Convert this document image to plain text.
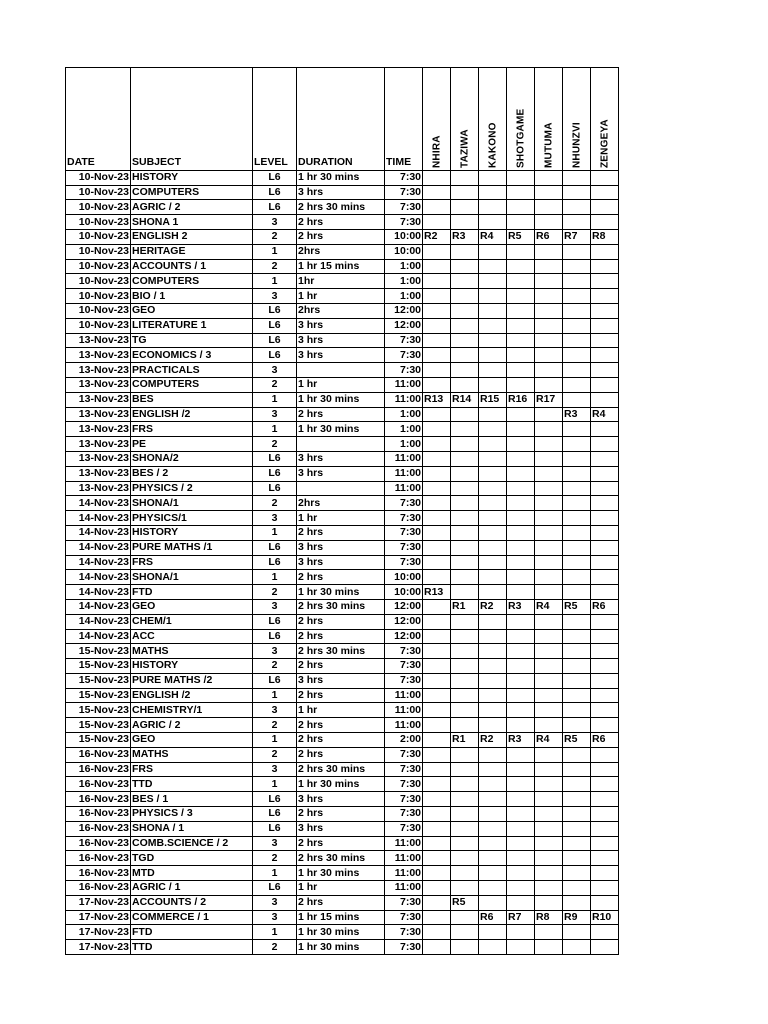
					NHIRA	TAZIWA	KAKONO	SHOTGAME	MUTUMA	NHUNZVI	ZENGEYA

DATE	SUBJECT	LEVEL	DURATION	TIME							
10-Nov-23	HISTORY	L6	1 hr 30 mins	7:30							
10-Nov-23	COMPUTERS	L6	3 hrs	7:30							
10-Nov-23	AGRIC / 2	L6	2 hrs 30 mins	7:30							
10-Nov-23	SHONA 1	3	2 hrs	7:30							
10-Nov-23	ENGLISH 2	2	2 hrs	10:00	R2	R3	R4	R5	R6	R7	R8
10-Nov-23	HERITAGE	1	2hrs	10:00							
10-Nov-23	ACCOUNTS / 1	2	1 hr 15 mins	1:00							
10-Nov-23	COMPUTERS	1	1hr	1:00							
10-Nov-23	BIO / 1	3	1 hr	1:00							
10-Nov-23	GEO	L6	2hrs	12:00							
10-Nov-23	LITERATURE 1	L6	3 hrs	12:00							
13-Nov-23	TG	L6	3 hrs	7:30							
13-Nov-23	ECONOMICS / 3	L6	3 hrs	7:30							
13-Nov-23	PRACTICALS	3		7:30							
13-Nov-23	COMPUTERS	2	1 hr	11:00							
13-Nov-23	BES	1	1 hr 30 mins	11:00	R13	R14	R15	R16	R17		
13-Nov-23	ENGLISH /2	3	2 hrs	1:00						R3	R4
13-Nov-23	FRS	1	1 hr 30 mins	1:00							
13-Nov-23	PE	2		1:00							
13-Nov-23	SHONA/2	L6	3 hrs	11:00							
13-Nov-23	BES / 2	L6	3 hrs	11:00							
13-Nov-23	PHYSICS / 2	L6		11:00							
14-Nov-23	SHONA/1	2	2hrs	7:30							
14-Nov-23	PHYSICS/1	3	1 hr	7:30							
14-Nov-23	HISTORY	1	2 hrs	7:30							
14-Nov-23	PURE MATHS /1	L6	3 hrs	7:30							
14-Nov-23	FRS	L6	3 hrs	7:30							
14-Nov-23	SHONA/1	1	2 hrs	10:00							
14-Nov-23	FTD	2	1 hr 30 mins	10:00	R13						
14-Nov-23	GEO	3	2 hrs 30 mins	12:00		R1	R2	R3	R4	R5	R6
14-Nov-23	CHEM/1	L6	2 hrs	12:00							
14-Nov-23	ACC	L6	2 hrs	12:00							
15-Nov-23	MATHS	3	2 hrs 30 mins	7:30							
15-Nov-23	HISTORY	2	2 hrs	7:30							
15-Nov-23	PURE MATHS /2	L6	3 hrs	7:30							
15-Nov-23	ENGLISH /2	1	2 hrs	11:00							
15-Nov-23	CHEMISTRY/1	3	1 hr	11:00							
15-Nov-23	AGRIC / 2	2	2 hrs	11:00							
15-Nov-23	GEO	1	2 hrs	2:00		R1	R2	R3	R4	R5	R6
16-Nov-23	MATHS	2	2 hrs	7:30							
16-Nov-23	FRS	3	2 hrs 30 mins	7:30							
16-Nov-23	TTD	1	1 hr 30 mins	7:30							
16-Nov-23	BES / 1	L6	3 hrs	7:30							
16-Nov-23	PHYSICS / 3	L6	2 hrs	7:30							
16-Nov-23	SHONA / 1	L6	3 hrs	7:30							
16-Nov-23	COMB.SCIENCE / 2	3	2 hrs	11:00							
16-Nov-23	TGD	2	2 hrs 30 mins	11:00							
16-Nov-23	MTD	1	1 hr 30 mins	11:00							
16-Nov-23	AGRIC / 1	L6	1 hr	11:00							
17-Nov-23	ACCOUNTS / 2	3	2 hrs	7:30		R5					
17-Nov-23	COMMERCE / 1	3	1 hr 15 mins	7:30			R6	R7	R8	R9	R10
17-Nov-23	FTD	1	1 hr 30 mins	7:30							
17-Nov-23	TTD	2	1 hr 30 mins	7:30							
